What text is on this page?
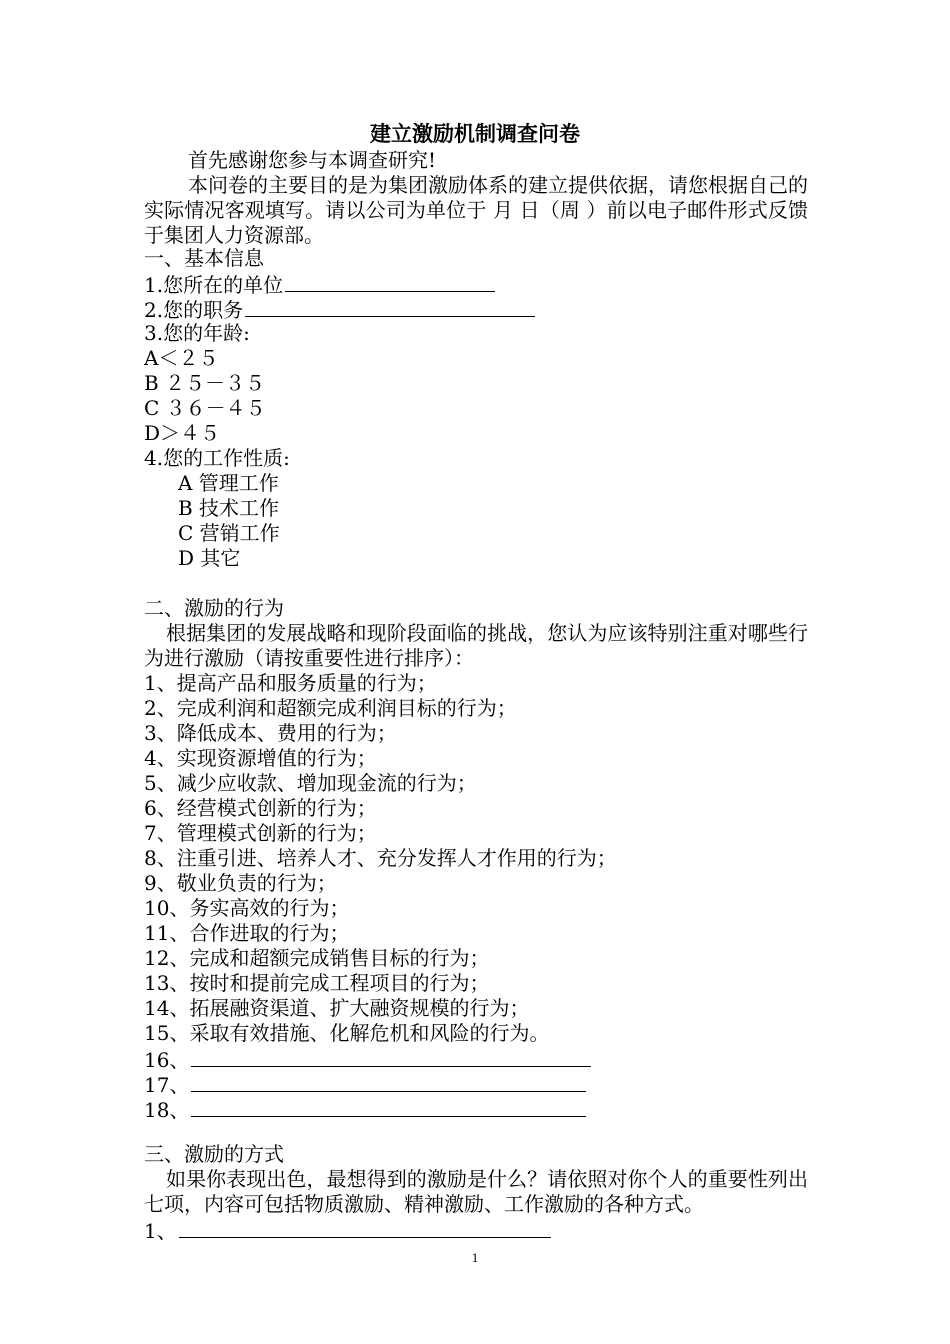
建立激励机制调查问卷
首先感谢您参与本调查研究!
本问卷的主要目的是为集团激励体系的建立提供依据，请您根据自己的实际情况客观填写。请以公司为单位于 月 日（周 ）前以电子邮件形式反馈于集团人力资源部。
一、基本信息
1.您所在的单位
2.您的职务
3.您的年龄:
A＜２５
B ２５－３５
C ３６－４５
D＞４５
4.您的工作性质:
A 管理工作
B 技术工作
C 营销工作
D 其它
二、激励的行为
根据集团的发展战略和现阶段面临的挑战，您认为应该特别注重对哪些行为进行激励（请按重要性进行排序）：
1、提高产品和服务质量的行为；
2、完成利润和超额完成利润目标的行为；
3、降低成本、费用的行为；
4、实现资源增值的行为；
5、减少应收款、增加现金流的行为；
6、经营模式创新的行为；
7、管理模式创新的行为；
8、注重引进、培养人才、充分发挥人才作用的行为；
9、敬业负责的行为；
10、务实高效的行为；
11、合作进取的行为；
12、完成和超额完成销售目标的行为；
13、按时和提前完成工程项目的行为；
14、拓展融资渠道、扩大融资规模的行为；
15、采取有效措施、化解危机和风险的行为。
16、
17、
18、
三、激励的方式
如果你表现出色，最想得到的激励是什么？请依照对你个人的重要性列出七项，内容可包括物质激励、精神激励、工作激励的各种方式。
1、
1
